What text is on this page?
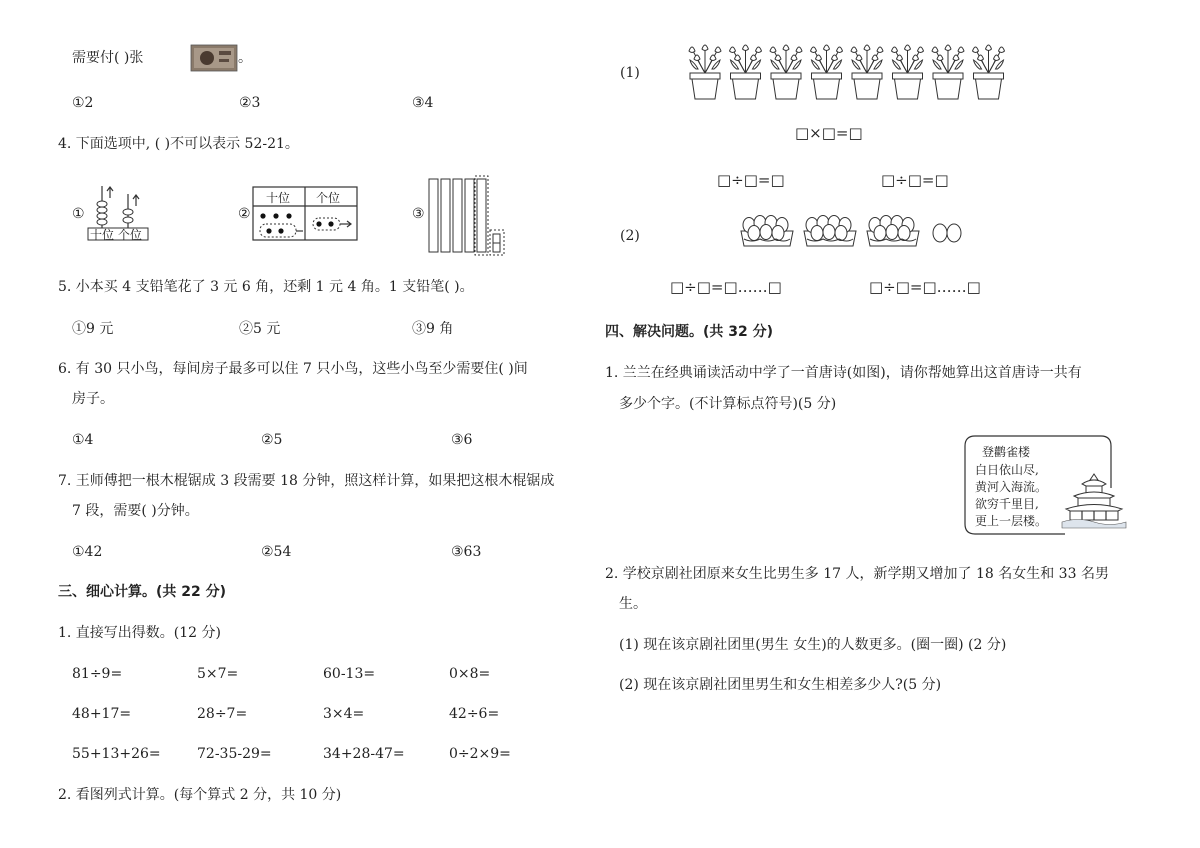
需要付( )张	。
①2	②3	③4
4. 下面选项中, ( )不可以表示 52-21。
①
十位 个位
②
十位 个位
③
5. 小本买 4 支铅笔花了 3 元 6 角，还剩 1 元 4 角。1 支铅笔( )。
①9 元	②5 元	③9 角
6. 有 30 只小鸟，每间房子最多可以住 7 只小鸟，这些小鸟至少需要住( )间
房子。
①4	②5	③6
7. 王师傅把一根木棍锯成 3 段需要 18 分钟，照这样计算，如果把这根木棍锯成
7 段，需要( )分钟。
①42	②54	③63
三、细心计算。(共 22 分)
1. 直接写出得数。(12 分)
81÷9=	5×7=	60-13=	0×8=
48+17=	28÷7=	3×4=	42÷6=
55+13+26=	72-35-29=	34+28-47=	0÷2×9=
2. 看图列式计算。(每个算式 2 分，共 10 分)
(1)
□×□=□
□÷□=□	□÷□=□
(2)
□÷□=□……□	□÷□=□……□
四、解决问题。(共 32 分)
1. 兰兰在经典诵读活动中学了一首唐诗(如图)，请你帮她算出这首唐诗一共有
多少个字。(不计算标点符号)(5 分)
登鹳雀楼
白日依山尽,
黄河入海流。
欲穷千里目,
更上一层楼。
2. 学校京剧社团原来女生比男生多 17 人，新学期又增加了 18 名女生和 33 名男
生。
(1) 现在该京剧社团里(男生 女生)的人数更多。(圈一圈) (2 分)
(2) 现在该京剧社团里男生和女生相差多少人?(5 分)
